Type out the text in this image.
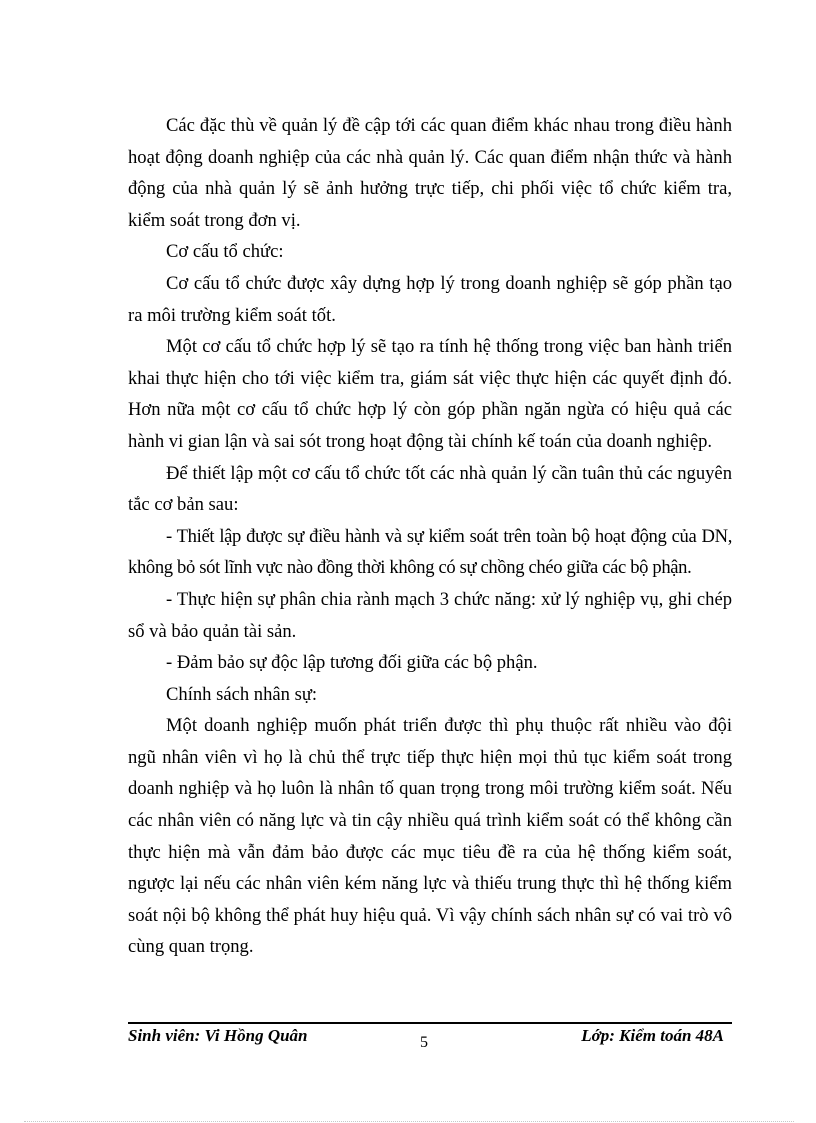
Các đặc thù về quản lý đề cập tới các quan điểm khác nhau trong điều hành hoạt động doanh nghiệp của các nhà quản lý. Các quan điểm nhận thức và hành động của nhà quản lý sẽ ảnh hưởng trực tiếp, chi phối việc tổ chức kiểm tra, kiểm soát trong đơn vị.

Cơ cấu tổ chức:

Cơ cấu tổ chức được xây dựng hợp lý trong doanh nghiệp sẽ góp phần tạo ra môi trường kiểm soát tốt.

Một cơ cấu tổ chức hợp lý sẽ tạo ra tính hệ thống trong việc ban hành triển khai thực hiện cho tới việc kiểm tra, giám sát việc thực hiện các quyết định đó. Hơn nữa một cơ cấu tổ chức hợp lý còn góp phần ngăn ngừa có hiệu quả các hành vi gian lận và sai sót trong hoạt động tài chính kế toán của doanh nghiệp.

Để thiết lập một cơ cấu tổ chức tốt các nhà quản lý cần tuân thủ các nguyên tắc cơ bản sau:

- Thiết lập được sự điều hành và sự kiểm soát trên toàn bộ hoạt động của DN, không bỏ sót lĩnh vực nào đồng thời không có sự chồng chéo giữa các bộ phận.

- Thực hiện sự phân chia rành mạch 3 chức năng: xử lý nghiệp vụ, ghi chép sổ và bảo quản tài sản.

- Đảm bảo sự độc lập tương đối giữa các bộ phận.

Chính sách nhân sự:

Một doanh nghiệp muốn phát triển được thì phụ thuộc rất nhiều vào đội ngũ nhân viên vì họ là chủ thể trực tiếp thực hiện mọi thủ tục kiểm soát trong doanh nghiệp và họ luôn là nhân tố quan trọng trong môi trường kiểm soát. Nếu các nhân viên có năng lực và tin cậy nhiều quá trình kiểm soát có thể không cần thực hiện mà vẫn đảm bảo được các mục tiêu đề ra của hệ thống kiểm soát, ngược lại nếu các nhân viên kém năng lực và thiếu trung thực thì hệ thống kiểm soát nội bộ không thể phát huy hiệu quả. Vì vậy chính sách nhân sự có vai trò vô cùng quan trọng.

Sinh viên: Vi Hồng Quân	5	Lớp: Kiểm toán 48A
